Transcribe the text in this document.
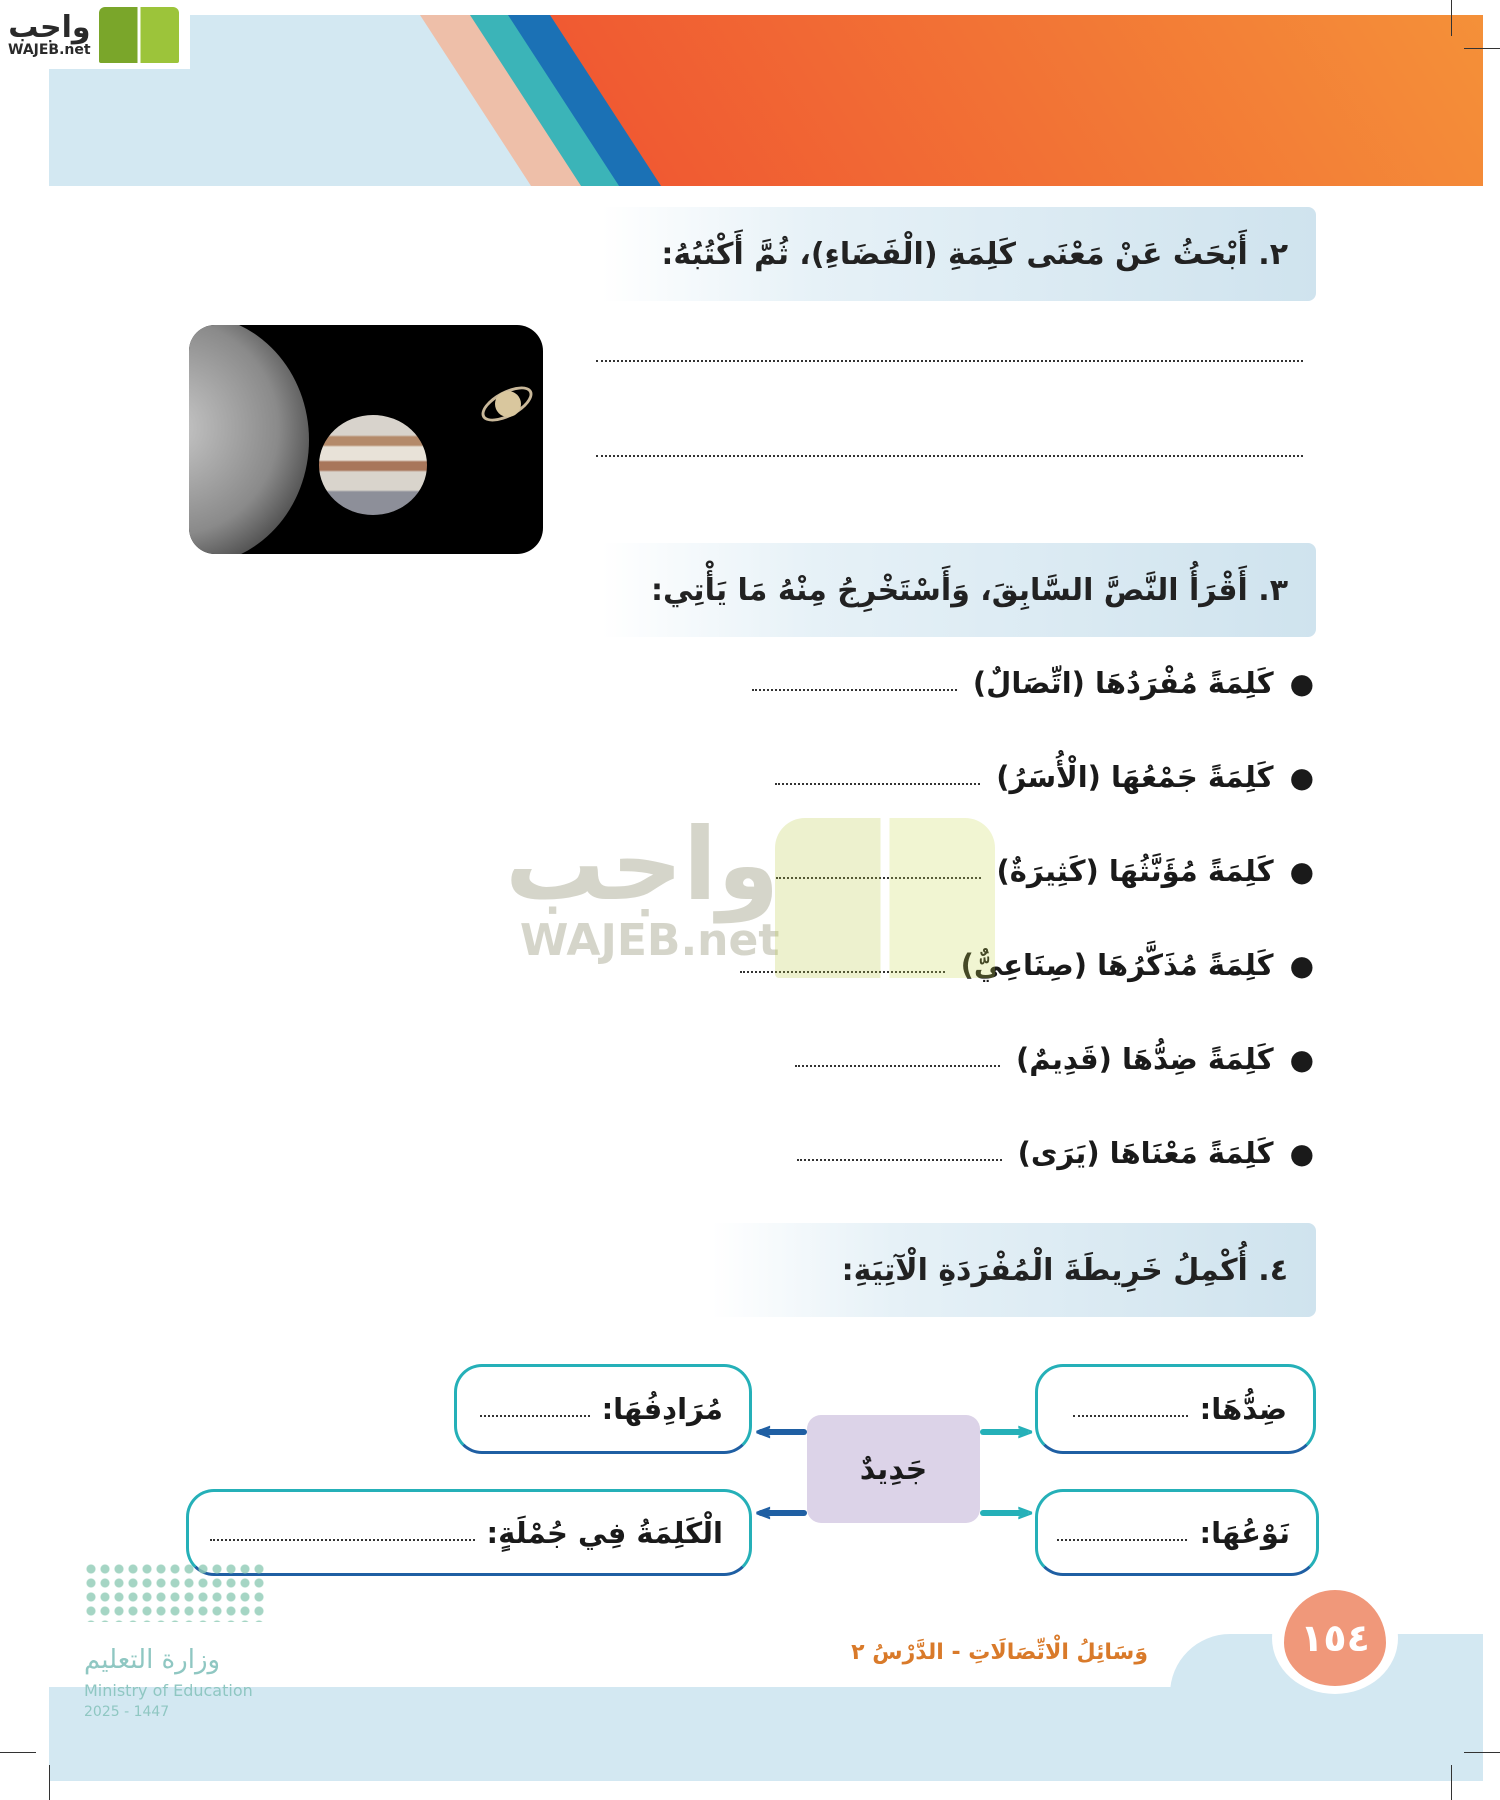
واجب
WAJEB.net
٢. أَبْحَثُ عَنْ مَعْنَى كَلِمَةِ (الْفَضَاءِ)، ثُمَّ أَكْتُبُهُ:
٣. أَقْرَأُ النَّصَّ السَّابِقَ، وَأَسْتَخْرِجُ مِنْهُ مَا يَأْتِي:
●
كَلِمَةً مُفْرَدُهَا (اتِّصَالٌ)
●
كَلِمَةً جَمْعُهَا (الْأُسَرُ)
●
كَلِمَةً مُؤَنَّثُهَا (كَثِيرَةٌ)
●
كَلِمَةً مُذَكَّرُهَا (صِنَاعِيٌّ)
●
كَلِمَةً ضِدُّهَا (قَدِيمٌ)
●
كَلِمَةً مَعْنَاهَا (يَرَى)
واجب
WAJEB.net
٤. أُكْمِلُ خَرِيطَةَ الْمُفْرَدَةِ الْآتِيَةِ:
ضِدُّهَا:
مُرَادِفُهَا:
نَوْعُهَا:
الْكَلِمَةُ فِي جُمْلَةٍ:
جَدِيدٌ
>
>
<
<
١٥٤
وَسَائِلُ الْاتِّصَالَاتِ - الدَّرْسُ ٢
وزارة التعليم
Ministry of Education
2025 - 1447
